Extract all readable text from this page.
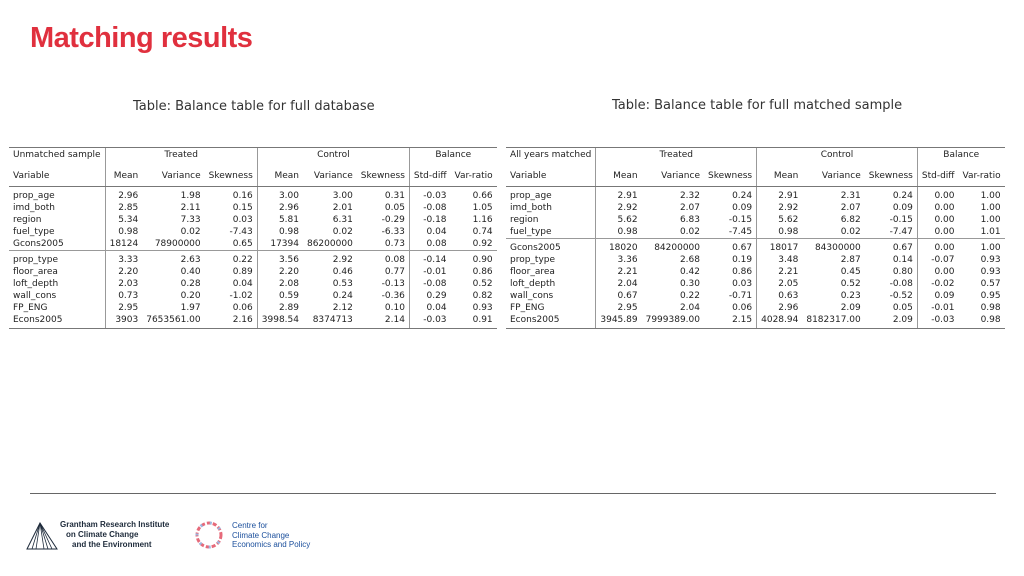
Matching results
Table: Balance table for full database	Table: Balance table for full matched sample
Unmatched sample	Treated			Control			Balance	
Variable	Mean	Variance	Skewness	Mean	Variance	Skewness	Std-diff	Var-ratio
prop_age	2.96	1.98	0.16	3.00	3.00	0.31	-0.03	0.66
imd_both	2.85	2.11	0.15	2.96	2.01	0.05	-0.08	1.05
region	5.34	7.33	0.03	5.81	6.31	-0.29	-0.18	1.16
fuel_type	0.98	0.02	-7.43	0.98	0.02	-6.33	0.04	0.74
Gcons2005	18124	78900000	0.65	17394	86200000	0.73	0.08	0.92
prop_type	3.33	2.63	0.22	3.56	2.92	0.08	-0.14	0.90
floor_area	2.20	0.40	0.89	2.20	0.46	0.77	-0.01	0.86
loft_depth	2.03	0.28	0.04	2.08	0.53	-0.13	-0.08	0.52
wall_cons	0.73	0.20	-1.02	0.59	0.24	-0.36	0.29	0.82
FP_ENG	2.95	1.97	0.06	2.89	2.12	0.10	0.04	0.93
Econs2005	3903	7653561.00	2.16	3998.54	8374713	2.14	-0.03	0.91
All years matched	Treated			Control			Balance	
Variable	Mean	Variance	Skewness	Mean	Variance	Skewness	Std-diff	Var-ratio
prop_age	2.91	2.32	0.24	2.91	2.31	0.24	0.00	1.00
imd_both	2.92	2.07	0.09	2.92	2.07	0.09	0.00	1.00
region	5.62	6.83	-0.15	5.62	6.82	-0.15	0.00	1.00
fuel_type	0.98	0.02	-7.45	0.98	0.02	-7.47	0.00	1.01
Gcons2005	18020	84200000	0.67	18017	84300000	0.67	0.00	1.00
prop_type	3.36	2.68	0.19	3.48	2.87	0.14	-0.07	0.93
floor_area	2.21	0.42	0.86	2.21	0.45	0.80	0.00	0.93
loft_depth	2.04	0.30	0.03	2.05	0.52	-0.08	-0.02	0.57
wall_cons	0.67	0.22	-0.71	0.63	0.23	-0.52	0.09	0.95
FP_ENG	2.95	2.04	0.06	2.96	2.09	0.05	-0.01	0.98
Econs2005	3945.89	7999389.00	2.15	4028.94	8182317.00	2.09	-0.03	0.98
Grantham Research Institute
on Climate Change
and the Environment
Centre for
Climate Change
Economics and Policy
